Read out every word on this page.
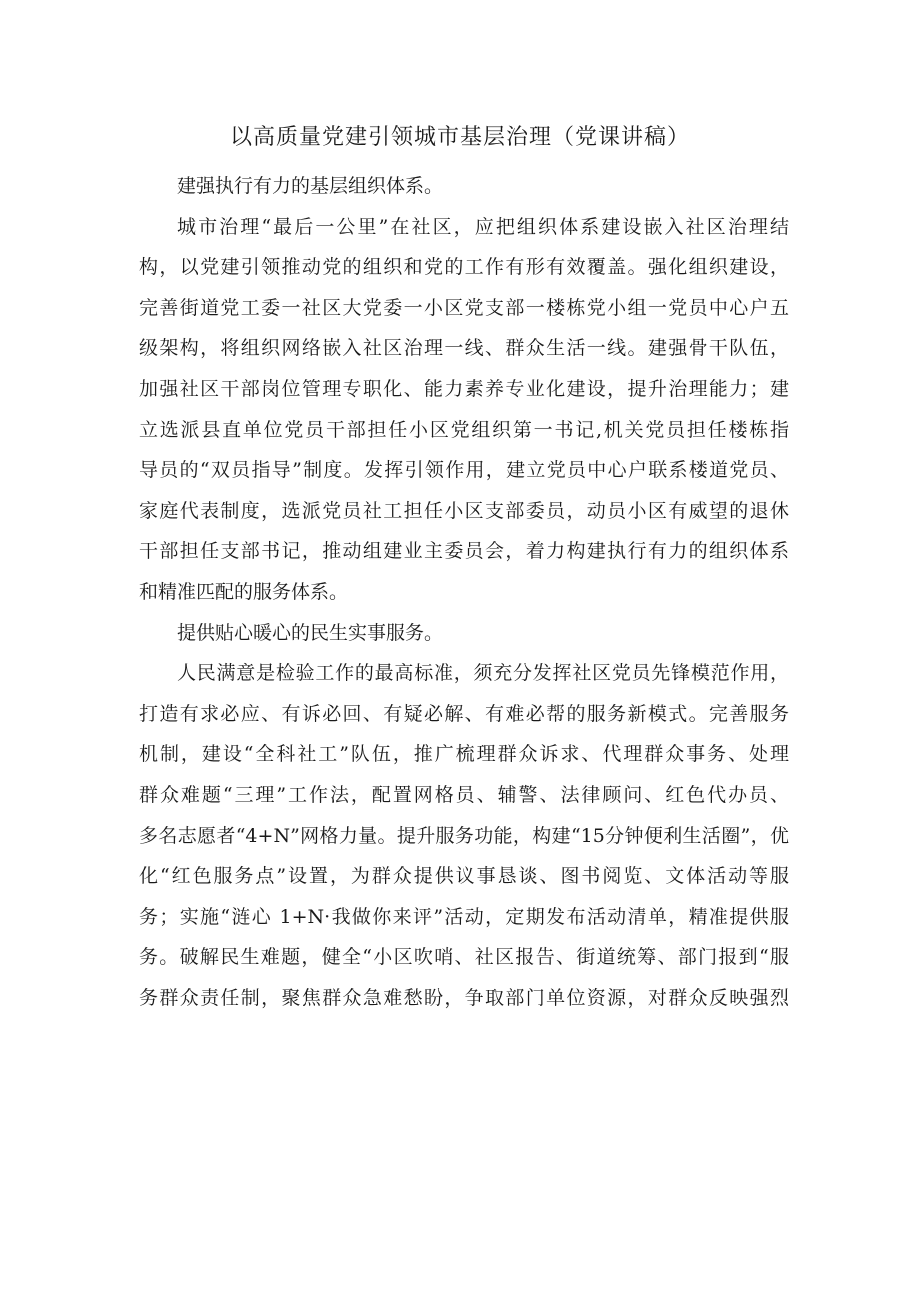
以高质量党建引领城市基层治理（党课讲稿）
建强执行有力的基层组织体系。
城市治理“最后一公里”在社区，应把组织体系建设嵌入社区治理结
构，以党建引领推动党的组织和党的工作有形有效覆盖。强化组织建设，
完善街道党工委一社区大党委一小区党支部一楼栋党小组一党员中心户五
级架构，将组织网络嵌入社区治理一线、群众生活一线。建强骨干队伍，
加强社区干部岗位管理专职化、能力素养专业化建设，提升治理能力；建
立选派县直单位党员干部担任小区党组织第一书记,机关党员担任楼栋指
导员的“双员指导”制度。发挥引领作用，建立党员中心户联系楼道党员、
家庭代表制度，选派党员社工担任小区支部委员，动员小区有威望的退休
干部担任支部书记，推动组建业主委员会，着力构建执行有力的组织体系
和精准匹配的服务体系。
提供贴心暖心的民生实事服务。
人民满意是检验工作的最高标准，须充分发挥社区党员先锋模范作用，
打造有求必应、有诉必回、有疑必解、有难必帮的服务新模式。完善服务
机制，建设“全科社工”队伍，推广梳理群众诉求、代理群众事务、处理
群众难题“三理”工作法，配置网格员、辅警、法律顾问、红色代办员、
多名志愿者“4+N”网格力量。提升服务功能，构建“15分钟便利生活圈”，优
化“红色服务点”设置，为群众提供议事恳谈、图书阅览、文体活动等服
务；实施“涟心 1+N·我做你来评”活动，定期发布活动清单，精准提供服
务。破解民生难题，健全“小区吹哨、社区报告、街道统筹、部门报到“服
务群众责任制，聚焦群众急难愁盼，争取部门单位资源，对群众反映强烈
